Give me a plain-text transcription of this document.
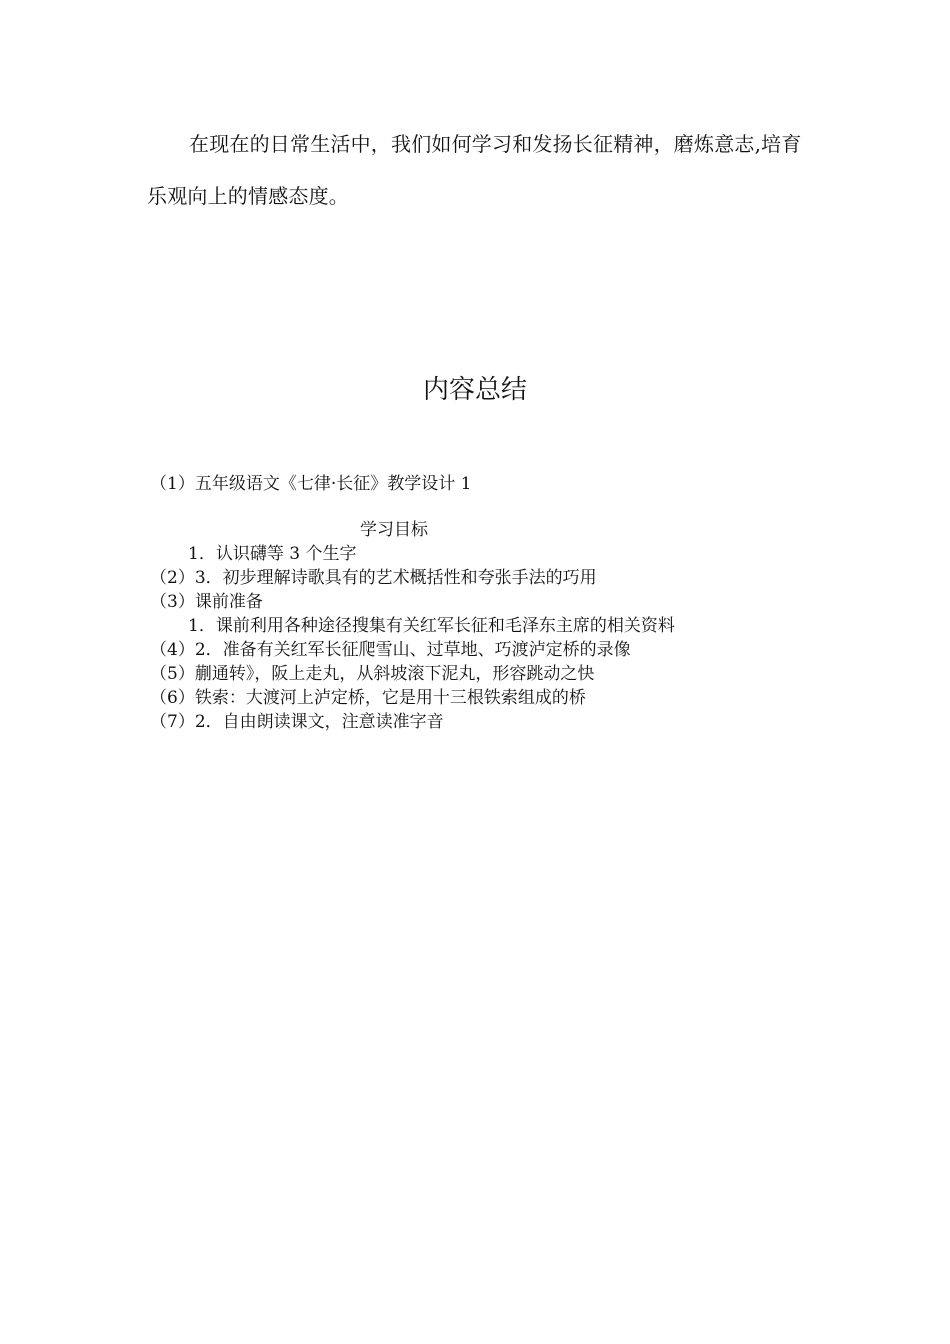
在现在的日常生活中，我们如何学习和发扬长征精神，磨炼意志,培育乐观向上的情感态度。

内容总结
（1）五年级语文《七律·长征》教学设计 1
学习目标
1．认识礴等 3 个生字
（2）3．初步理解诗歌具有的艺术概括性和夸张手法的巧用
（3）课前准备
1．课前利用各种途径搜集有关红军长征和毛泽东主席的相关资料
（4）2．准备有关红军长征爬雪山、过草地、巧渡泸定桥的录像
（5）蒯通转》，阪上走丸，从斜坡滚下泥丸，形容跳动之快
（6）铁索：大渡河上泸定桥，它是用十三根铁索组成的桥
（7）2．自由朗读课文，注意读准字音
